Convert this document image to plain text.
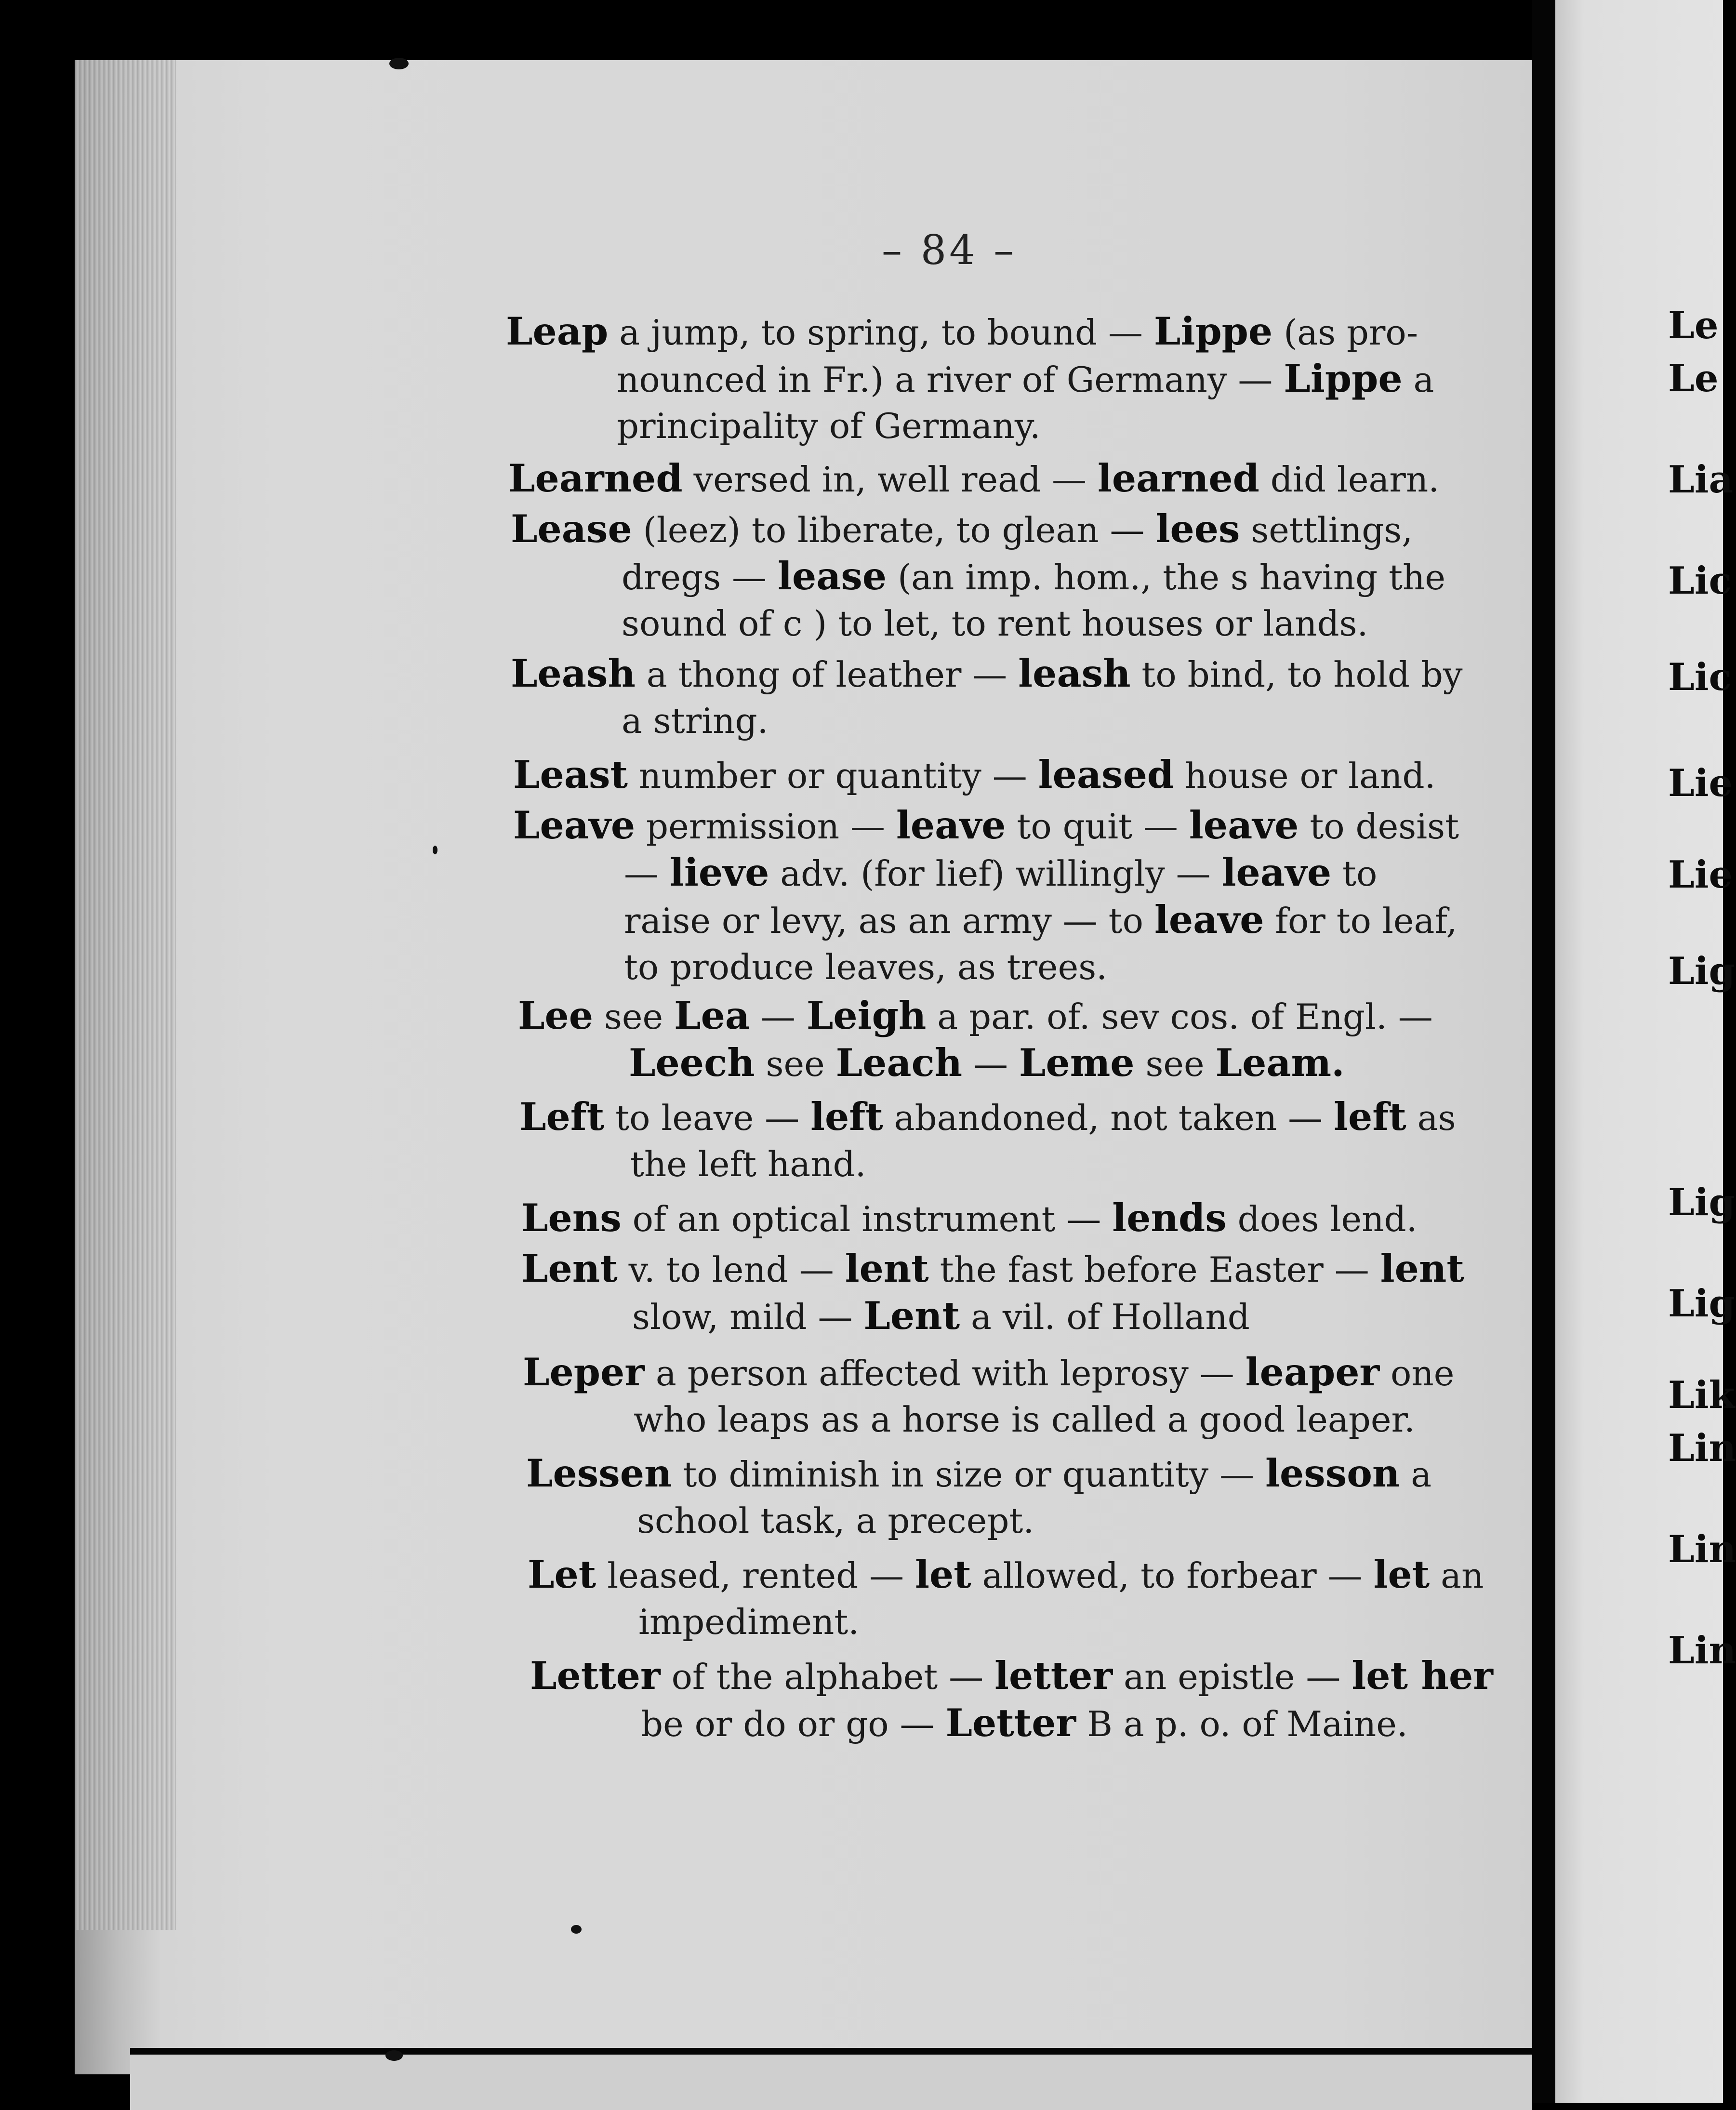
– 84 –
Leap a jump, to spring, to bound — Lippe (as pro-
nounced in Fr.) a river of Germany — Lippe a
principality of Germany.
Learned versed in, well read — learned did learn.
Lease (leez) to liberate, to glean — lees settlings,
dregs — lease (an imp. hom., the s having the
sound of c ) to let, to rent houses or lands.
Leash a thong of leather — leash to bind, to hold by
a string.
Least number or quantity — leased house or land.
Leave permission — leave to quit — leave to desist
— lieve adv. (for lief) willingly — leave to
raise or levy, as an army — to leave for to leaf,
to produce leaves, as trees.
Lee see Lea — Leigh a par. of. sev cos. of Engl. —
Leech see Leach — Leme see Leam.
Left to leave — left abandoned, not taken — left as
the left hand.
Lens of an optical instrument — lends does lend.
Lent v. to lend — lent the fast before Easter — lent
slow, mild — Lent a vil. of Holland
Leper a person affected with leprosy — leaper one
who leaps as a horse is called a good leaper.
Lessen to diminish in size or quantity — lesson a
school task, a precept.
Let leased, rented — let allowed, to forbear — let an
impediment.
Letter of the alphabet — letter an epistle — let her
be or do or go — Letter B a p. o. of Maine.
Le
Le
Lia
Lic
Lic
Lie
Lie
Lig
Lig
Lig
Lik
Lin
Lin
Lin
